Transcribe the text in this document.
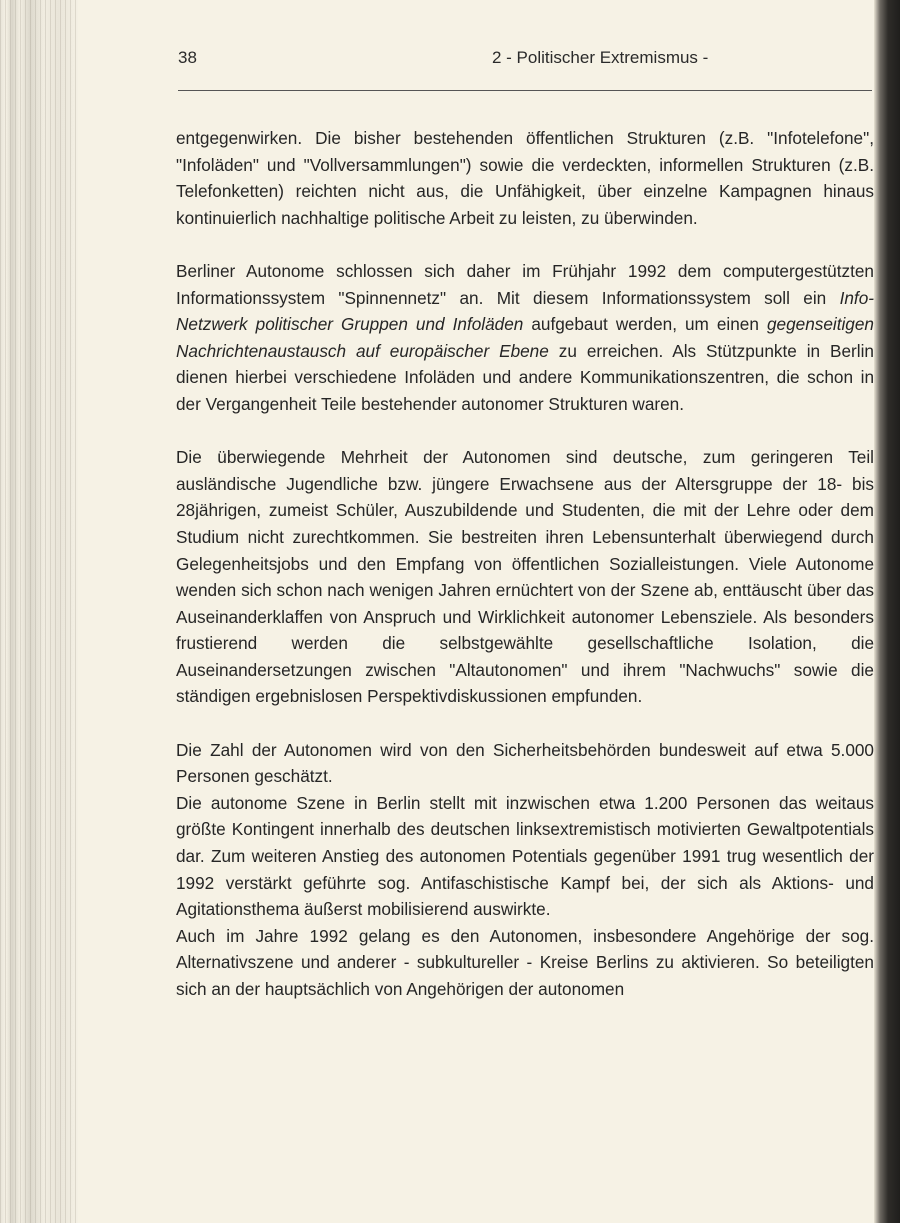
38	2 - Politischer Extremismus -

entgegenwirken. Die bisher bestehenden öffentlichen Strukturen (z.B. "Infotelefone", "Infoläden" und "Vollversammlungen") sowie die verdeckten, informellen Strukturen (z.B. Telefonketten) reichten nicht aus, die Unfähigkeit, über einzelne Kampagnen hinaus kontinuierlich nachhaltige politische Arbeit zu leisten, zu überwinden.

Berliner Autonome schlossen sich daher im Frühjahr 1992 dem computergestützten Informationssystem "Spinnennetz" an. Mit diesem Informationssystem soll ein Info-Netzwerk politischer Gruppen und Infoläden aufgebaut werden, um einen gegenseitigen Nachrichtenaustausch auf europäischer Ebene zu erreichen. Als Stützpunkte in Berlin dienen hierbei verschiedene Infoläden und andere Kommunikationszentren, die schon in der Vergangenheit Teile bestehender autonomer Strukturen waren.

Die überwiegende Mehrheit der Autonomen sind deutsche, zum geringeren Teil ausländische Jugendliche bzw. jüngere Erwachsene aus der Altersgruppe der 18- bis 28jährigen, zumeist Schüler, Auszubildende und Studenten, die mit der Lehre oder dem Studium nicht zurechtkommen. Sie bestreiten ihren Lebensunterhalt überwiegend durch Gelegenheitsjobs und den Empfang von öffentlichen Sozialleistungen. Viele Autonome wenden sich schon nach wenigen Jahren ernüchtert von der Szene ab, enttäuscht über das Auseinanderklaffen von Anspruch und Wirklichkeit autonomer Lebensziele. Als besonders frustierend werden die selbstgewählte gesellschaftliche Isolation, die Auseinandersetzungen zwischen "Altautonomen" und ihrem "Nachwuchs" sowie die ständigen ergebnislosen Perspektivdiskussionen empfunden.

Die Zahl der Autonomen wird von den Sicherheitsbehörden bundesweit auf etwa 5.000 Personen geschätzt.

Die autonome Szene in Berlin stellt mit inzwischen etwa 1.200 Personen das weitaus größte Kontingent innerhalb des deutschen linksextremistisch motivierten Gewaltpotentials dar. Zum weiteren Anstieg des autonomen Potentials gegenüber 1991 trug wesentlich der 1992 verstärkt geführte sog. Antifaschistische Kampf bei, der sich als Aktions- und Agitationsthema äußerst mobilisierend auswirkte.

Auch im Jahre 1992 gelang es den Autonomen, insbesondere Angehörige der sog. Alternativszene und anderer - subkultureller - Kreise Berlins zu aktivieren. So beteiligten sich an der hauptsächlich von Angehörigen der autonomen
